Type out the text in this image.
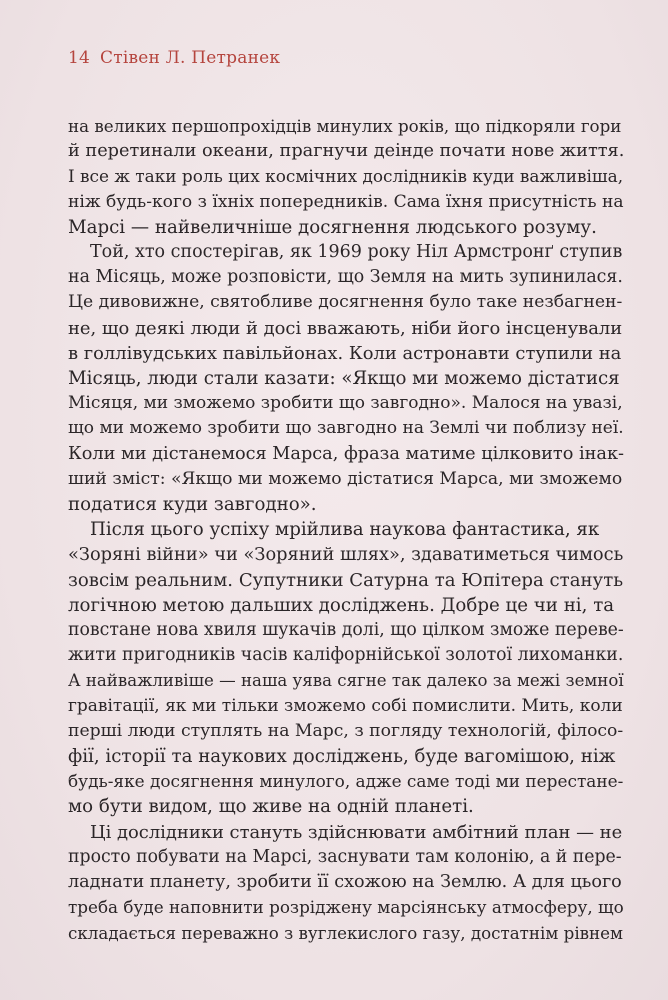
14 Стівен Л. Петранек
на великих першопрохідців минулих років, що підкоряли гори
й перетинали океани, прагнучи деінде почати нове життя.
І все ж таки роль цих космічних дослідників куди важливіша,
ніж будь-кого з їхніх попередників. Сама їхня присутність на
Марсі — найвеличніше досягнення людського розуму.
Той, хто спостерігав, як 1969 року Ніл Армстронґ ступив
на Місяць, може розповісти, що Земля на мить зупинилася.
Це дивовижне, святобливе досягнення було таке незбагнен-
не, що деякі люди й досі вважають, ніби його інсценували
в голлівудських павільйонах. Коли астронавти ступили на
Місяць, люди стали казати: «Якщо ми можемо дістатися
Місяця, ми зможемо зробити що завгодно». Малося на увазі,
що ми можемо зробити що завгодно на Землі чи поблизу неї.
Коли ми дістанемося Марса, фраза матиме цілковито інак-
ший зміст: «Якщо ми можемо дістатися Марса, ми зможемо
податися куди завгодно».
Після цього успіху мрійлива наукова фантастика, як
«Зоряні війни» чи «Зоряний шлях», здаватиметься чимось
зовсім реальним. Супутники Сатурна та Юпітера стануть
логічною метою дальших досліджень. Добре це чи ні, та
повстане нова хвиля шукачів долі, що цілком зможе переве-
жити пригодників часів каліфорнійської золотої лихоманки.
А найважливіше — наша уява сягне так далеко за межі земної
гравітації, як ми тільки зможемо собі помислити. Мить, коли
перші люди ступлять на Марс, з погляду технологій, філосо-
фії, історії та наукових досліджень, буде вагомішою, ніж
будь-яке досягнення минулого, адже саме тоді ми перестане-
мо бути видом, що живе на одній планеті.
Ці дослідники стануть здійснювати амбітний план — не
просто побувати на Марсі, заснувати там колонію, а й пере-
ладнати планету, зробити її схожою на Землю. А для цього
треба буде наповнити розріджену марсіянську атмосферу, що
складається переважно з вуглекислого газу, достатнім рівнем
